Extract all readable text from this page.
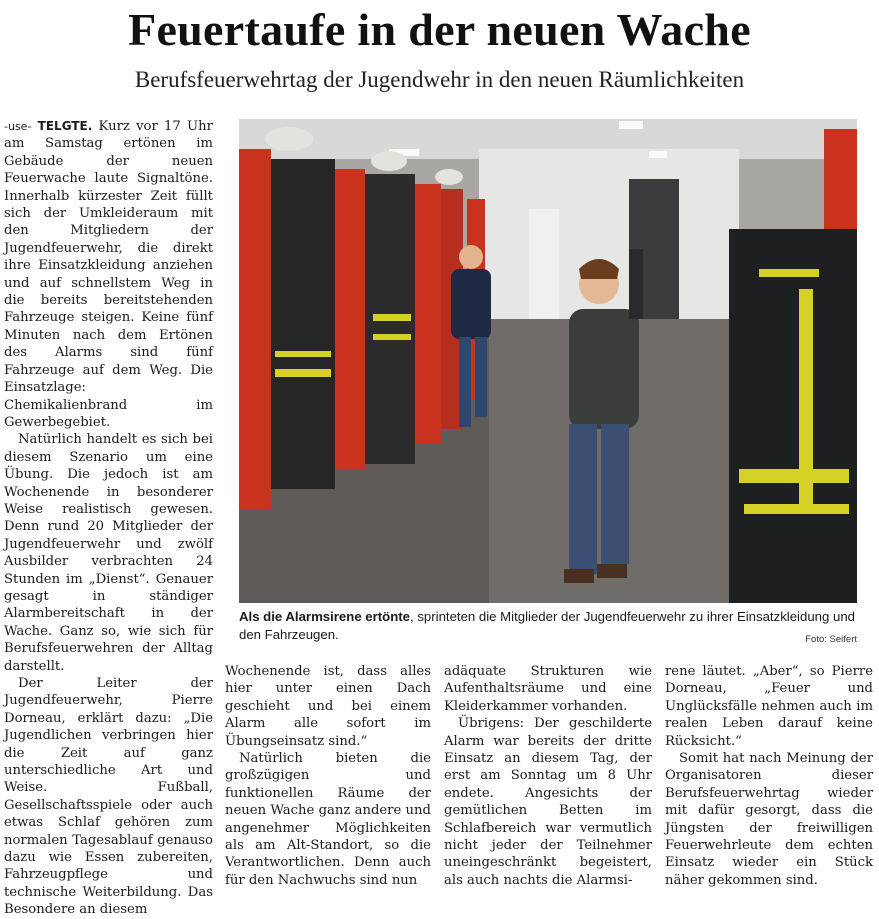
Feuertaufe in der neuen Wache
Berufsfeuerwehrtag der Jugendwehr in den neuen Räumlichkeiten

-use- TELGTE. Kurz vor 17 Uhr am Samstag ertönen im Gebäude der neuen Feuerwache laute Signaltöne. Innerhalb kürzester Zeit füllt sich der Umkleideraum mit den Mitgliedern der Jugendfeuerwehr, die direkt ihre Einsatzkleidung anziehen und auf schnellstem Weg in die bereits bereitstehenden Fahrzeuge steigen. Keine fünf Minuten nach dem Ertönen des Alarms sind fünf Fahrzeuge auf dem Weg. Die Einsatzlage: Chemikalienbrand im Gewerbegebiet.

Natürlich handelt es sich bei diesem Szenario um eine Übung. Die jedoch ist am Wochenende in besonderer Weise realistisch gewesen. Denn rund 20 Mitglieder der Jugendfeuerwehr und zwölf Ausbilder verbrachten 24 Stunden im „Dienst“. Genauer gesagt in ständiger Alarmbereitschaft in der Wache. Ganz so, wie sich für Berufsfeuerwehren der Alltag darstellt.

Der Leiter der Jugendfeuerwehr, Pierre Dorneau, erklärt dazu: „Die Jugendlichen verbringen hier die Zeit auf ganz unterschiedliche Art und Weise. Fußball, Gesellschaftsspiele oder auch etwas Schlaf gehören zum normalen Tagesablauf genauso dazu wie Essen zubereiten, Fahrzeugpflege und technische Weiterbildung. Das Besondere an diesem

Wochenende ist, dass alles hier unter einen Dach geschieht und bei einem Alarm alle sofort im Übungseinsatz sind.“

Natürlich bieten die großzügigen und funktionellen Räume der neuen Wache ganz andere und angenehmer Möglichkeiten als am Alt-Standort, so die Verantwortlichen. Denn auch für den Nachwuchs sind nun

adäquate Strukturen wie Aufenthaltsräume und eine Kleiderkammer vorhanden.

Übrigens: Der geschilderte Alarm war bereits der dritte Einsatz an diesem Tag, der erst am Sonntag um 8 Uhr endete. Angesichts der gemütlichen Betten im Schlafbereich war vermutlich nicht jeder der Teilnehmer uneingeschränkt begeistert, als auch nachts die Alarmsi-

rene läutet. „Aber“, so Pierre Dorneau, „Feuer und Unglücksfälle nehmen auch im realen Leben darauf keine Rücksicht.“

Somit hat nach Meinung der Organisatoren dieser Berufsfeuerwehrtag wieder mit dafür gesorgt, dass die Jüngsten der freiwilligen Feuerwehrleute dem echten Einsatz wieder ein Stück näher gekommen sind.

Als die Alarmsirene ertönte, sprinteten die Mitglieder der Jugendfeuerwehr zu ihrer Einsatzkleidung und den Fahrzeugen.	Foto: Seifert
